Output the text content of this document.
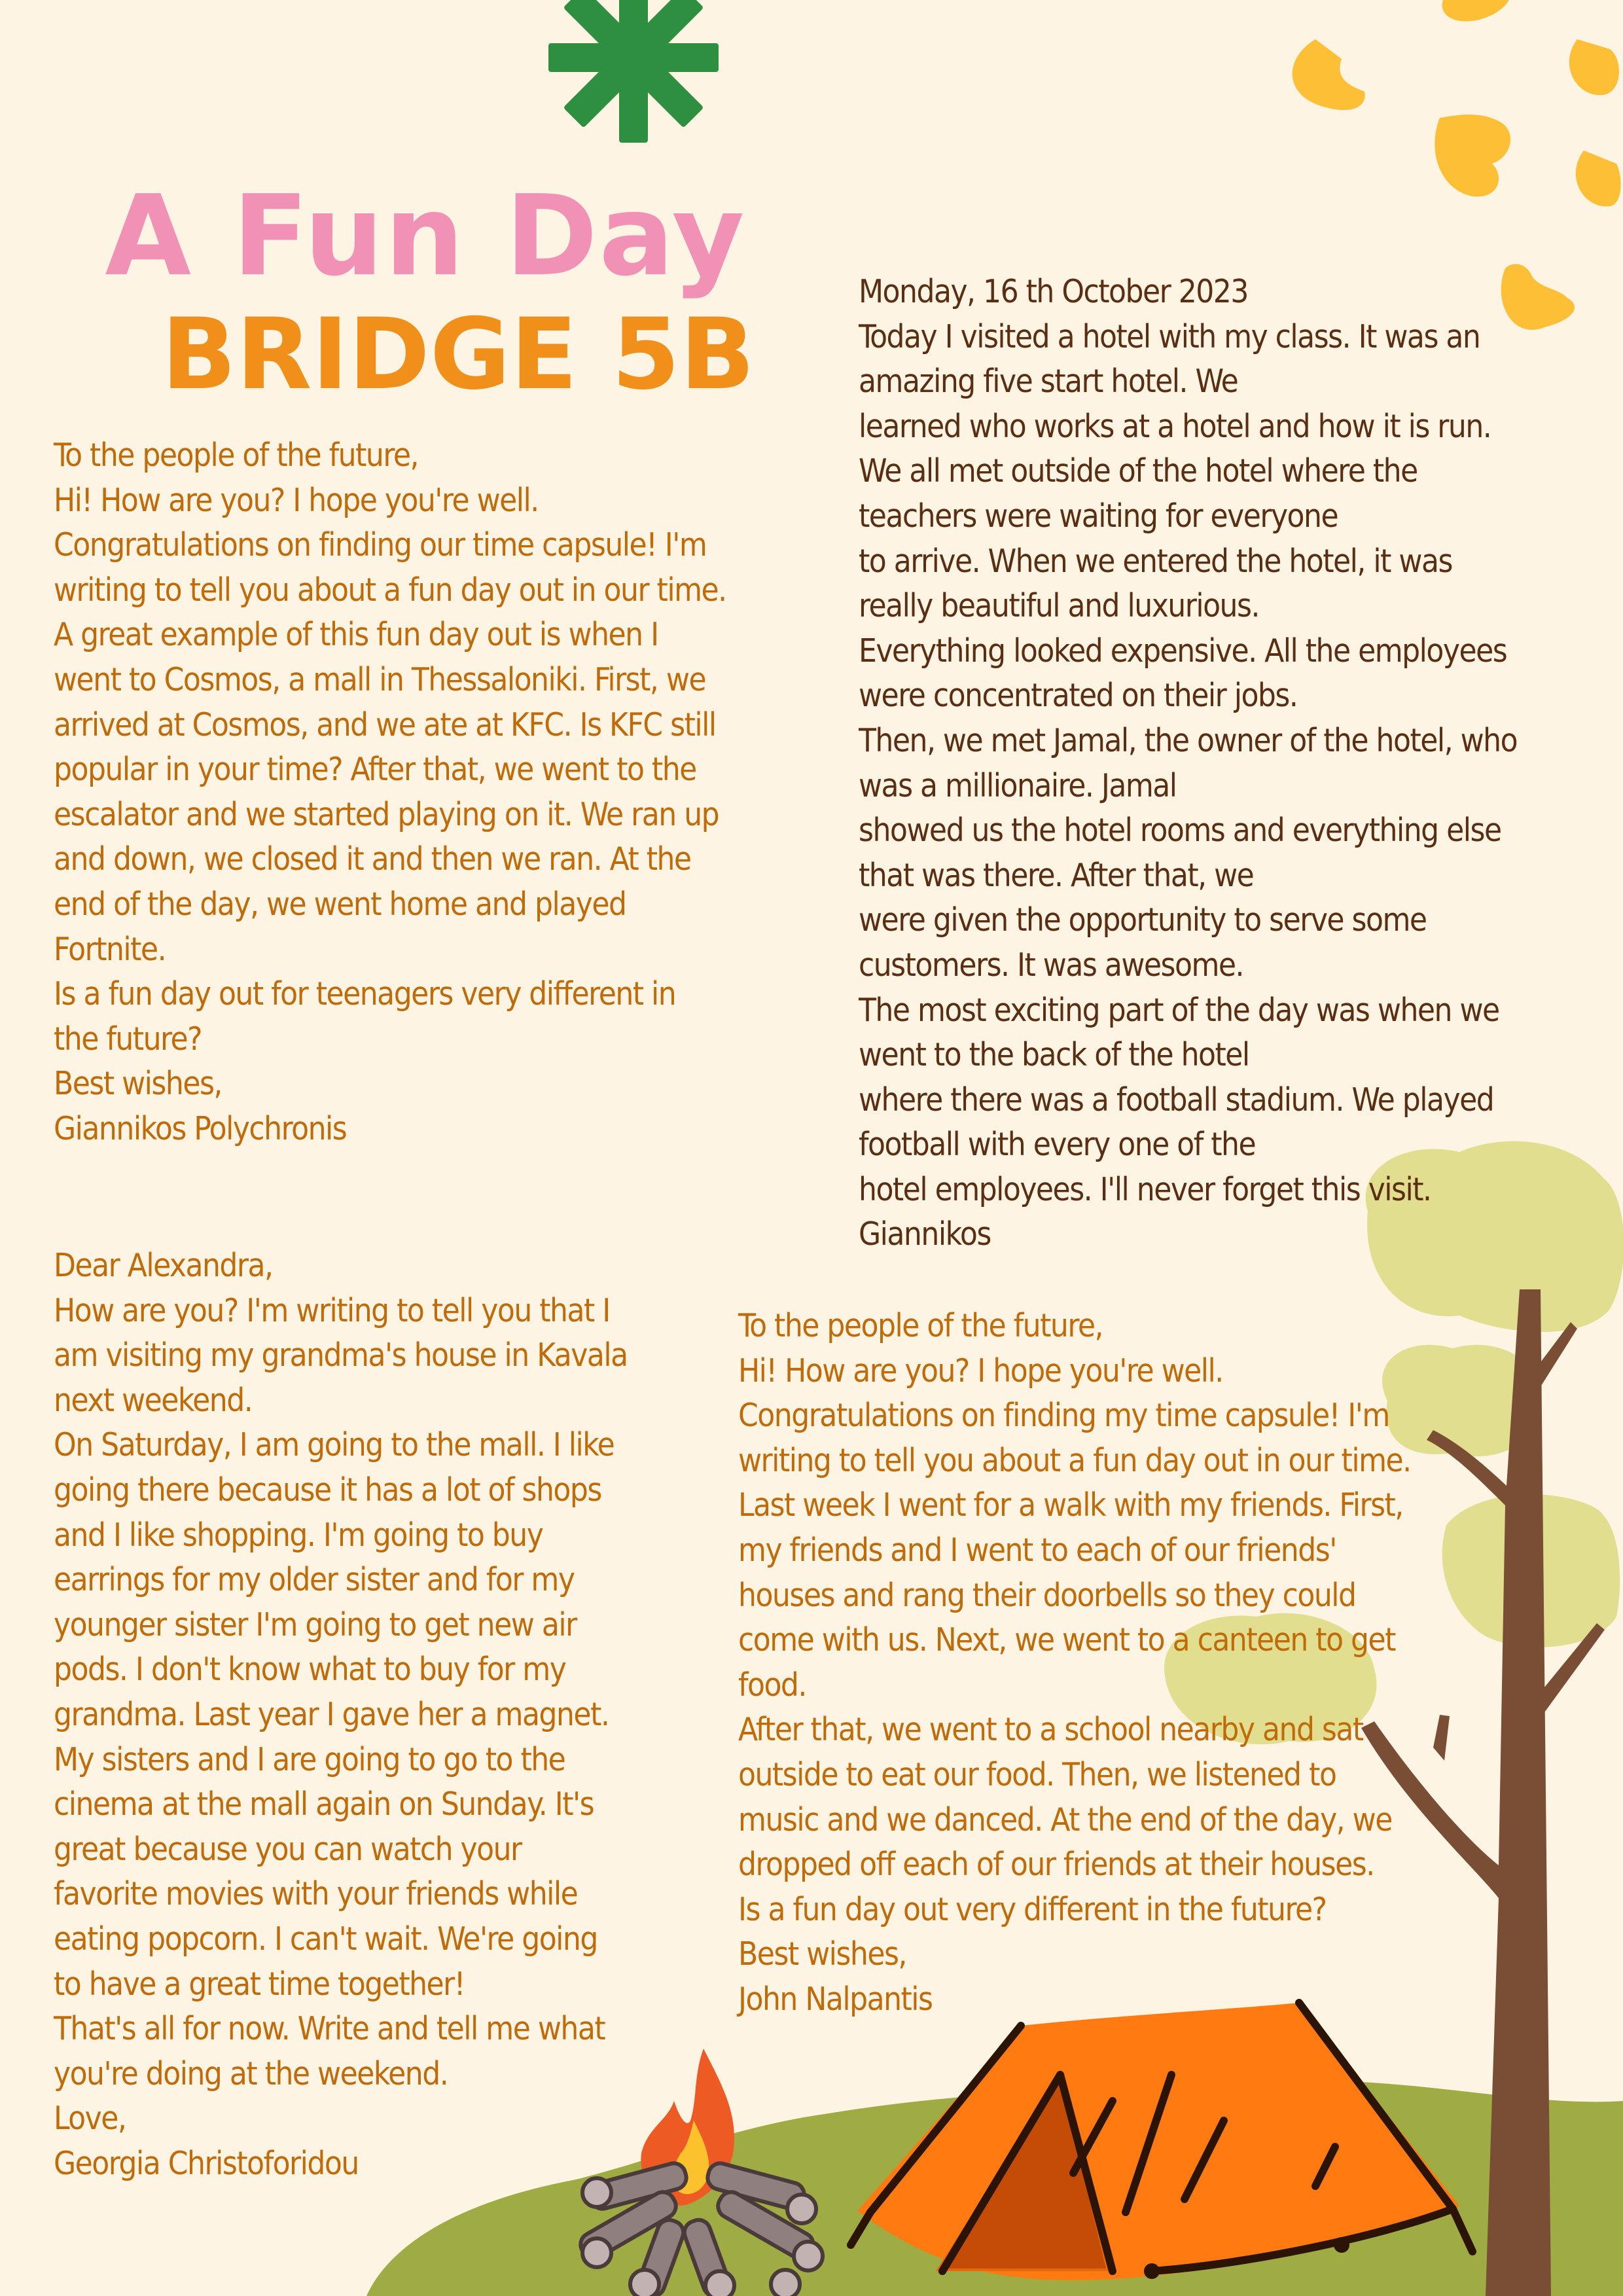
A Fun Day
BRIDGE 5B

To the people of the future,

Hi! How are you? I hope you're well.

Congratulations on finding our time capsule! I'm

writing to tell you about a fun day out in our time.

A great example of this fun day out is when I

went to Cosmos, a mall in Thessaloniki. First, we

arrived at Cosmos, and we ate at KFC. Is KFC still

popular in your time? After that, we went to the

escalator and we started playing on it. We ran up

and down, we closed it and then we ran. At the

end of the day, we went home and played

Fortnite.

Is a fun day out for teenagers very different in

the future?

Best wishes,

Giannikos Polychronis

Monday, 16 th October 2023

Today I visited a hotel with my class. It was an

amazing five start hotel. We

learned who works at a hotel and how it is run.

We all met outside of the hotel where the

teachers were waiting for everyone

to arrive. When we entered the hotel, it was

really beautiful and luxurious.

Everything looked expensive. All the employees

were concentrated on their jobs.

Then, we met Jamal, the owner of the hotel, who

was a millionaire. Jamal

showed us the hotel rooms and everything else

that was there. After that, we

were given the opportunity to serve some

customers. It was awesome.

The most exciting part of the day was when we

went to the back of the hotel

where there was a football stadium. We played

football with every one of the

hotel employees. I'll never forget this visit.

Giannikos

Dear Alexandra,

How are you? I'm writing to tell you that I

am visiting my grandma's house in Kavala

next weekend.

On Saturday, I am going to the mall. I like

going there because it has a lot of shops

and I like shopping. I'm going to buy

earrings for my older sister and for my

younger sister I'm going to get new air

pods. I don't know what to buy for my

grandma. Last year I gave her a magnet.

My sisters and I are going to go to the

cinema at the mall again on Sunday. It's

great because you can watch your

favorite movies with your friends while

eating popcorn. I can't wait. We're going

to have a great time together!

That's all for now. Write and tell me what

you're doing at the weekend.

Love,

Georgia Christoforidou

To the people of the future,

Hi! How are you? I hope you're well.

Congratulations on finding my time capsule! I'm

writing to tell you about a fun day out in our time.

Last week I went for a walk with my friends. First,

my friends and I went to each of our friends'

houses and rang their doorbells so they could

come with us. Next, we went to a canteen to get

food.

After that, we went to a school nearby and sat

outside to eat our food. Then, we listened to

music and we danced. At the end of the day, we

dropped off each of our friends at their houses.

Is a fun day out very different in the future?

Best wishes,

John Nalpantis
